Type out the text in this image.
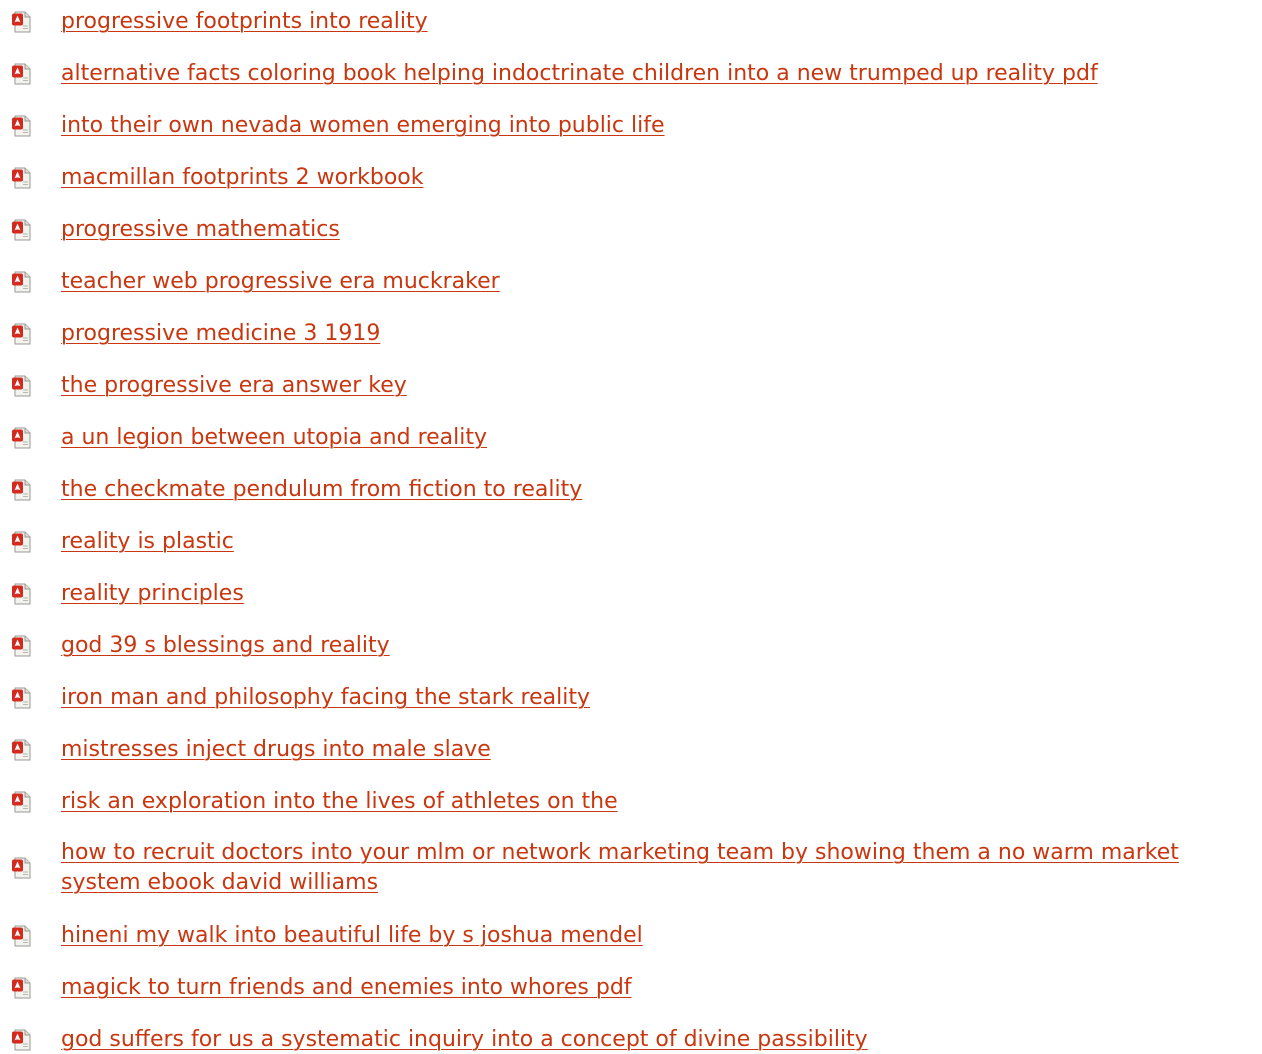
progressive footprints into reality
alternative facts coloring book helping indoctrinate children into a new trumped up reality pdf
into their own nevada women emerging into public life
macmillan footprints 2 workbook
progressive mathematics
teacher web progressive era muckraker
progressive medicine 3 1919
the progressive era answer key
a un legion between utopia and reality
the checkmate pendulum from fiction to reality
reality is plastic
reality principles
god 39 s blessings and reality
iron man and philosophy facing the stark reality
mistresses inject drugs into male slave
risk an exploration into the lives of athletes on the
how to recruit doctors into your mlm or network marketing team by showing them a no warm market system ebook david williams
hineni my walk into beautiful life by s joshua mendel
magick to turn friends and enemies into whores pdf
god suffers for us a systematic inquiry into a concept of divine passibility
